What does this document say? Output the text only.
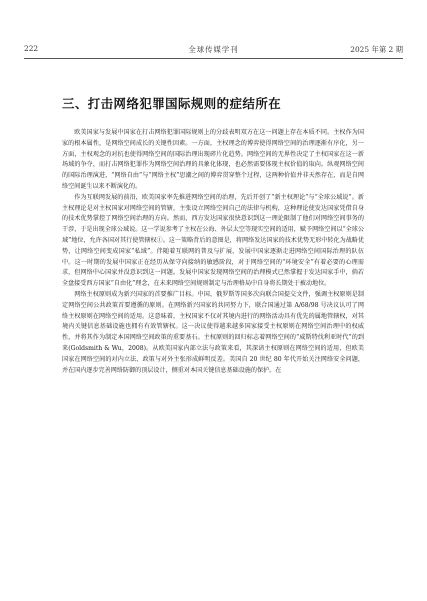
222	全球传媒学刊	2025 年第 2 期
三、打击网络犯罪国际规则的症结所在

欧美国家与发展中国家在打击网络犯罪国际规则上的分歧表明双方在这一问题上存在本质不同。主权作为国家的根本属性，是网络空间成长的关键性因素。一方面，主权理念的博弈使得网络空间的治理逐渐有序化，另一方面，主权观念的对抗也使得网络空间的国际治理出现碎片化趋势。网络空间的无界性决定了主权国家在这一新场域的争夺，而打击网络犯罪作为网络空间治理的具象化体现，也必然需要体现主权价值的取向。纵观网络空间的国际治理演进，“网络自由”与“网络主权”思潮之间的博弈贯穿整个过程，这两种价值并非天然存在，而是自网络空间诞生以来不断演化的。

作为互联网发展的前沿，欧美国家率先推进网络空间的治理，先后开创了“新主权理论”与“全球公域说”。新主权理论是对主权国家对网络空间的管辖，主张设立网络空间自己的法律与机构，这种理论使发达国家凭借自身的技术优势掌控了网络空间治理的方向。然而，西方发达国家很快意识到这一理论限制了他们对网络空间事务的干涉，于是出现全球公域说。这一学说参考了主权在公海、外层太空等现实空间的适用，赋予网络空间以“全球公域”地位，允许各国对其行使管辖权①。这一策略背后的意图是，将网络发达国家的技术优势无形中转化为战略优势，让网络空间变成国家“私域”。伴随着互联网的普及与扩展，发展中国家逐渐走进网络空间国际治理的队伍中。这一时期的发展中国家正在经历从保守向接纳的敏感阶段，对于网络空间的“环境安全”有着必要的心理需求，但网络中心国家并没意识到这一问题。发展中国家发现网络空间的治理模式已然掌握于发达国家手中，倘若全盘接受西方国家“自由化”理念，在未来网络空间规则制定与治理格局中自身将长期处于被动地位。

网络主权原则成为新兴国家的首要推广目标。中国、俄罗斯等国多次向联合国提交文件，强调主权原则是制定网络空间公共政策首要遵循的原则。在网络新兴国家的共同努力下，联合国通过第 A/68/98 号决议认可了网络主权原则在网络空间的适用。这意味着，主权国家不仅对其境内进行的网络活动具有优先的属地管辖权，对其境内关键信息基础设施也拥有有效管辖权。这一决议使得越来越多国家接受主权原则在网络空间治理中的权威性，并将其作为制定本国网络空间政策的重要基石。主权原则的回归标志着网络空间的“威斯特伐利亚时代”的到来(Goldsmith & Wu，2008)。从欧美国家内部立法与政策来看，其深谙主权原则在网络空间的适用，但欧美国家在网络空间的对内立法、政策与对外主张形成鲜明反差。美国自 20 世纪 80 年代开始关注网络安全问题，并在国内逐步完善网络防御的顶层设计，侧重对本国关键信息基础设施的保护。在
